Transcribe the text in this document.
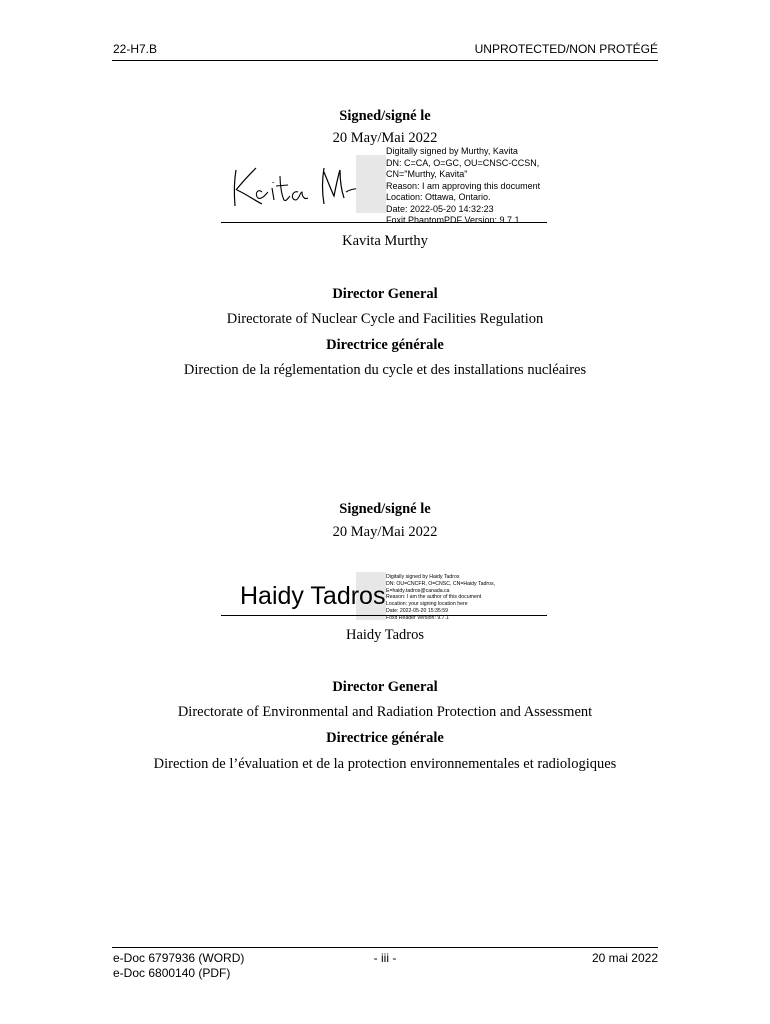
22-H7.B	UNPROTECTED/NON PROTÉGÉ
Signed/signé le
20 May/Mai 2022
Digitally signed by Murthy, Kavita
DN: C=CA, O=GC, OU=CNSC-CCSN,
CN="Murthy, Kavita"
Reason: I am approving this document
Location: Ottawa, Ontario.
Date: 2022-05-20 14:32:23
Foxit PhantomPDF Version: 9.7.1
Kavita Murthy
Director General
Directorate of Nuclear Cycle and Facilities Regulation
Directrice générale
Direction de la réglementation du cycle et des installations nucléaires
Signed/signé le
20 May/Mai 2022
Haidy Tadros
Digitally signed by Haidy Tadros
DN: OU=CNCFR, O=CNSC, CN=Haidy Tadros,
E=haidy.tadros@canada.ca
Reason: I am the author of this document
Location: your signing location here
Date: 2022-05-20 15:35:59
Foxit Reader Version: 9.7.1
Haidy Tadros
Director General
Directorate of Environmental and Radiation Protection and Assessment
Directrice générale
Direction de l’évaluation et de la protection environnementales et radiologiques
e-Doc 6797936 (WORD)
e-Doc 6800140 (PDF)
- iii -	20 mai 2022
